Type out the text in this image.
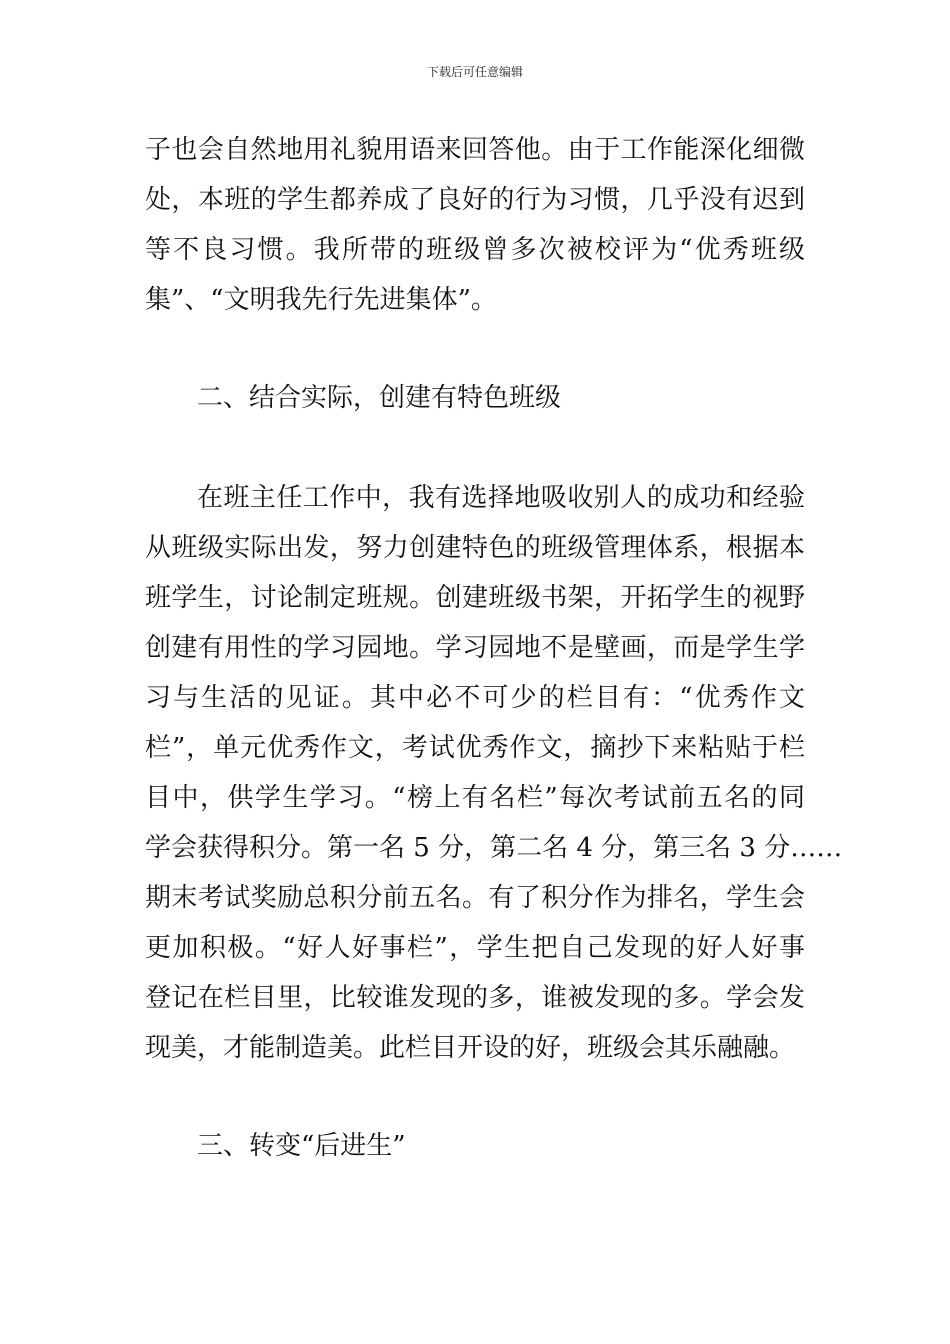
下载后可任意编辑
子也会自然地用礼貌用语来回答他。由于工作能深化细微
处，本班的学生都养成了良好的行为习惯，几乎没有迟到
等不良习惯。我所带的班级曾多次被校评为“优秀班级
集”、“文明我先行先进集体”。
二、结合实际，创建有特色班级
在班主任工作中，我有选择地吸收别人的成功和经验
从班级实际出发，努力创建特色的班级管理体系，根据本
班学生，讨论制定班规。创建班级书架，开拓学生的视野
创建有用性的学习园地。学习园地不是壁画，而是学生学
习与生活的见证。其中必不可少的栏目有：“优秀作文
栏”，单元优秀作文，考试优秀作文，摘抄下来粘贴于栏
目中，供学生学习。“榜上有名栏”每次考试前五名的同
学会获得积分。第一名 5 分，第二名 4 分，第三名 3 分……
期末考试奖励总积分前五名。有了积分作为排名，学生会
更加积极。“好人好事栏”，学生把自己发现的好人好事
登记在栏目里，比较谁发现的多，谁被发现的多。学会发
现美，才能制造美。此栏目开设的好，班级会其乐融融。
三、转变“后进生”
